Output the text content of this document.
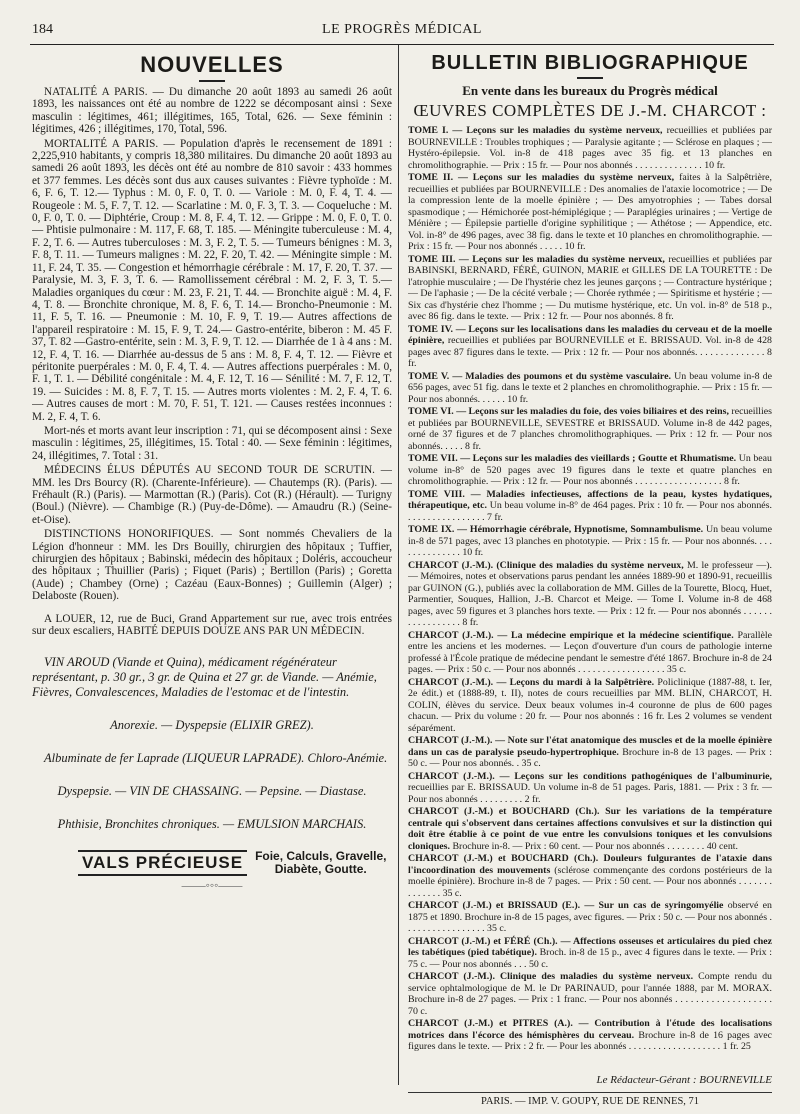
184	LE PROGRÈS MÉDICAL
NOUVELLES

NATALITÉ A PARIS. — Du dimanche 20 août 1893 au samedi 26 août 1893, les naissances ont été au nombre de 1222 se décomposant ainsi : Sexe masculin : légitimes, 461; illégitimes, 165, Total, 626. — Sexe féminin : légitimes, 426 ; illégitimes, 170, Total, 596.

MORTALITÉ A PARIS. — Population d'après le recensement de 1891 : 2,225,910 habitants, y compris 18,380 militaires. Du dimanche 20 août 1893 au samedi 26 août 1893, les décès ont été au nombre de 810 savoir : 433 hommes et 377 femmes. Les décès sont dus aux causes suivantes : Fièvre typhoïde : M. 6, F. 6, T. 12.— Typhus : M. 0, F. 0, T. 0. — Variole : M. 0, F. 4, T. 4. — Rougeole : M. 5, F. 7, T. 12. — Scarlatine : M. 0, F. 3, T. 3. — Coqueluche : M. 0, F. 0, T. 0. — Diphtérie, Croup : M. 8, F. 4, T. 12. — Grippe : M. 0, F. 0, T. 0. — Phtisie pulmonaire : M. 117, F. 68, T. 185. — Méningite tuberculeuse : M. 4, F. 2, T. 6. — Autres tuberculoses : M. 3, F. 2, T. 5. — Tumeurs bénignes : M. 3, F. 8, T. 11. — Tumeurs malignes : M. 22, F. 20, T. 42. — Méningite simple : M. 11, F. 24, T. 35. — Congestion et hémorrhagie cérébrale : M. 17, F. 20, T. 37. — Paralysie, M. 3, F. 3, T. 6. — Ramollissement cérébral : M. 2, F. 3, T. 5.— Maladies organiques du cœur : M. 23, F. 21, T. 44. — Bronchite aiguë : M. 4, F. 4, T. 8. — Bronchite chronique, M. 8, F. 6, T. 14.— Broncho-Pneumonie : M. 11, F. 5, T. 16. — Pneumonie : M. 10, F. 9, T. 19.— Autres affections de l'appareil respiratoire : M. 15, F. 9, T. 24.— Gastro-entérite, biberon : M. 45 F. 37, T. 82 —Gastro-entérite, sein : M. 3, F. 9, T. 12. — Diarrhée de 1 à 4 ans : M. 12, F. 4, T. 16. — Diarrhée au-dessus de 5 ans : M. 8, F. 4, T. 12. — Fièvre et péritonite puerpérales : M. 0, F. 4, T. 4. — Autres affections puerpérales : M. 0, F. 1, T. 1. — Débilité congénitale : M. 4, F. 12, T. 16 — Sénilité : M. 7, F. 12, T. 19. — Suicides : M. 8, F. 7, T. 15. — Autres morts violentes : M. 2, F. 4, T. 6. — Autres causes de mort : M. 70, F. 51, T. 121. — Causes restées inconnues : M. 2, F. 4, T. 6.

Mort-nés et morts avant leur inscription : 71, qui se décomposent ainsi : Sexe masculin : légitimes, 25, illégitimes, 15. Total : 40. — Sexe féminin : légitimes, 24, illégitimes, 7. Total : 31.

MÉDECINS ÉLUS DÉPUTÉS AU SECOND TOUR DE SCRUTIN. — MM. les Drs Bourcy (R). (Charente-Inférieure). — Chautemps (R). (Paris). — Fréhault (R.) (Paris). — Marmottan (R.) (Paris). Cot (R.) (Hérault). — Turigny (Boul.) (Nièvre). — Chambige (R.) (Puy-de-Dôme). — Amaudru (R.) (Seine-et-Oise).

DISTINCTIONS HONORIFIQUES. — Sont nommés Chevaliers de la Légion d'honneur : MM. les Drs Bouilly, chirurgien des hôpitaux ; Tuffier, chirurgien des hôpitaux ; Babinski, médecin des hôpitaux ; Doléris, accoucheur des hôpitaux ; Thuillier (Paris) ; Fiquet (Paris) ; Bertillon (Paris) ; Goretta (Aude) ; Chambey (Orne) ; Cazéau (Eaux-Bonnes) ; Guillemin (Alger) ; Delaboste (Rouen).

A LOUER, 12, rue de Buci, Grand Appartement sur rue, avec trois entrées sur deux escaliers, HABITÉ DEPUIS DOUZE ANS PAR UN MÉDECIN.

VIN AROUD (Viande et Quina), médicament régénérateur représentant, p. 30 gr., 3 gr. de Quina et 27 gr. de Viande. — Anémie, Fièvres, Convalescences, Maladies de l'estomac et de l'intestin.
Anorexie. — Dyspepsie (ELIXIR GREZ).
Albuminate de fer Laprade (LIQUEUR LAPRADE). Chloro-Anémie.
Dyspepsie. — VIN DE CHASSAING. — Pepsine. — Diastase.
Phthisie, Bronchites chroniques. — EMULSION MARCHAIS.
VALS PRÉCIEUSE	Foie, Calculs, Gravelle,
Diabète, Goutte.
——◦◦◦——
BULLETIN BIBLIOGRAPHIQUE
En vente dans les bureaux du Progrès médical
ŒUVRES COMPLÈTES DE J.-M. CHARCOT :

TOME I. — Leçons sur les maladies du système nerveux, recueillies et publiées par BOURNEVILLE : Troubles trophiques ; — Paralysie agitante ; — Sclérose en plaques ; — Hystéro-épilepsie. Vol. in-8 de 418 pages avec 35 fig. et 13 planches en chromolithographie. — Prix : 15 fr. — Pour nos abonnés . . . . . . . . . . . . . . 10 fr.

TOME II. — Leçons sur les maladies du système nerveux, faites à la Salpêtrière, recueillies et publiées par BOURNEVILLE : Des anomalies de l'ataxie locomotrice ; — De la compression lente de la moelle épinière ; — Des amyotrophies ; — Tabes dorsal spasmodique ; — Hémichorée post-hémiplégique ; — Paraplégies urinaires ; — Vertige de Ménière ; — Épilepsie partielle d'origine syphilitique ; — Athétose ; — Appendice, etc. Vol. in-8° de 496 pages, avec 38 fig. dans le texte et 10 planches en chromolithographie. — Prix : 15 fr. — Pour nos abonnés . . . . . 10 fr.

TOME III. — Leçons sur les maladies du système nerveux, recueillies et publiées par BABINSKI, BERNARD, FÉRÉ, GUINON, MARIE et GILLES DE LA TOURETTE : De l'atrophie musculaire ; — De l'hystérie chez les jeunes garçons ; — Contracture hystérique ; — De l'aphasie ; — De la cécité verbale ; — Chorée rythmée ; — Spiritisme et hystérie ; — Six cas d'hystérie chez l'homme ; — Du mutisme hystérique, etc. Un vol. in-8° de 518 p., avec 86 fig. dans le texte. — Prix : 12 fr. — Pour nos abonnés. 8 fr.

TOME IV. — Leçons sur les localisations dans les maladies du cerveau et de la moelle épinière, recueillies et publiées par BOURNEVILLE et E. BRISSAUD. Vol. in-8 de 428 pages avec 87 figures dans le texte. — Prix : 12 fr. — Pour nos abonnés. . . . . . . . . . . . . . 8 fr.

TOME V. — Maladies des poumons et du système vasculaire. Un beau volume in-8 de 656 pages, avec 51 fig. dans le texte et 2 planches en chromolithographie. — Prix : 15 fr. — Pour nos abonnés. . . . . . 10 fr.

TOME VI. — Leçons sur les maladies du foie, des voies biliaires et des reins, recueillies et publiées par BOURNEVILLE, SEVESTRE et BRISSAUD. Volume in-8 de 442 pages, orné de 37 figures et de 7 planches chromolithographiques. — Prix : 12 fr. — Pour nos abonnés. . . . . 8 fr.

TOME VII. — Leçons sur les maladies des vieillards ; Goutte et Rhumatisme. Un beau volume in-8° de 520 pages avec 19 figures dans le texte et quatre planches en chromolithographie. — Prix : 12 fr. — Pour nos abonnés . . . . . . . . . . . . . . . . . . 8 fr.

TOME VIII. — Maladies infectieuses, affections de la peau, kystes hydatiques, thérapeutique, etc. Un beau volume in-8° de 464 pages. Prix : 10 fr. — Pour nos abonnés. . . . . . . . . . . . . . . . . 7 fr.

TOME IX. — Hémorrhagie cérébrale, Hypnotisme, Somnambulisme. Un beau volume in-8 de 571 pages, avec 13 planches en phototypie. — Prix : 15 fr. — Pour nos abonnés. . . . . . . . . . . . . . . 10 fr.

CHARCOT (J.-M.). (Clinique des maladies du système nerveux, M. le professeur —). — Mémoires, notes et observations parus pendant les années 1889-90 et 1890-91, recueillis par GUINON (G.), publiés avec la collaboration de MM. Gilles de la Tourette, Blocq, Huet, Parmentier, Souques, Hallion, J.-B. Charcot et Meige. — Tome I. Volume in-8 de 468 pages, avec 59 figures et 3 planches hors texte. — Prix : 12 fr. — Pour nos abonnés . . . . . . . . . . . . . . . . . 8 fr.

CHARCOT (J.-M.). — La médecine empirique et la médecine scientifique. Parallèle entre les anciens et les modernes. — Leçon d'ouverture d'un cours de pathologie interne professé à l'École pratique de médecine pendant le semestre d'été 1867. Brochure in-8 de 24 pages. — Prix : 50 c. — Pour nos abonnés . . . . . . . . . . . . . . . . . . 35 c.

CHARCOT (J.-M.). — Leçons du mardi à la Salpêtrière. Policlinique (1887-88, t. Ier, 2e édit.) et (1888-89, t. II), notes de cours recueillies par MM. BLIN, CHARCOT, H. COLIN, élèves du service. Deux beaux volumes in-4 couronne de plus de 600 pages chacun. — Prix du volume : 20 fr. — Pour nos abonnés : 16 fr. Les 2 volumes se vendent séparément.

CHARCOT (J.-M.). — Note sur l'état anatomique des muscles et de la moelle épinière dans un cas de paralysie pseudo-hypertrophique. Brochure in-8 de 13 pages. — Prix : 50 c. — Pour nos abonnés. . 35 c.

CHARCOT (J.-M.). — Leçons sur les conditions pathogéniques de l'albuminurie, recueillies par E. BRISSAUD. Un volume in-8 de 51 pages. Paris, 1881. — Prix : 3 fr. — Pour nos abonnés . . . . . . . . . 2 fr.

CHARCOT (J.-M.) et BOUCHARD (Ch.). Sur les variations de la température centrale qui s'observent dans certaines affections convulsives et sur la distinction qui doit être établie à ce point de vue entre les convulsions toniques et les convulsions cloniques. Brochure in-8. — Prix : 60 cent. — Pour nos abonnés . . . . . . . . 40 cent.

CHARCOT (J.-M.) et BOUCHARD (Ch.). Douleurs fulgurantes de l'ataxie dans l'incoordination des mouvements (sclérose commençante des cordons postérieurs de la moelle épinière). Brochure in-8 de 7 pages. — Prix : 50 cent. — Pour nos abonnés . . . . . . . . . . . . . . 35 c.

CHARCOT (J.-M.) et BRISSAUD (E.). — Sur un cas de syringomyélie observé en 1875 et 1890. Brochure in-8 de 15 pages, avec figures. — Prix : 50 c. — Pour nos abonnés . . . . . . . . . . . . . . . . . 35 c.

CHARCOT (J.-M.) et FÉRÉ (Ch.). — Affections osseuses et articulaires du pied chez les tabétiques (pied tabétique). Broch. in-8 de 15 p., avec 4 figures dans le texte. — Prix : 75 c. — Pour nos abonnés . . . 50 c.

CHARCOT (J.-M.). Clinique des maladies du système nerveux. Compte rendu du service ophtalmologique de M. le Dr PARINAUD, pour l'année 1888, par M. MORAX. Brochure in-8 de 27 pages. — Prix : 1 franc. — Pour nos abonnés . . . . . . . . . . . . . . . . . . . 70 c.

CHARCOT (J.-M.) et PITRES (A.). — Contribution à l'étude des localisations motrices dans l'écorce des hémisphères du cerveau. Brochure in-8 de 16 pages avec figures dans le texte. — Prix : 2 fr. — Pour les abonnés . . . . . . . . . . . . . . . . . . . 1 fr. 25

Le Rédacteur-Gérant : BOURNEVILLE
PARIS. — IMP. V. GOUPY, RUE DE RENNES, 71
